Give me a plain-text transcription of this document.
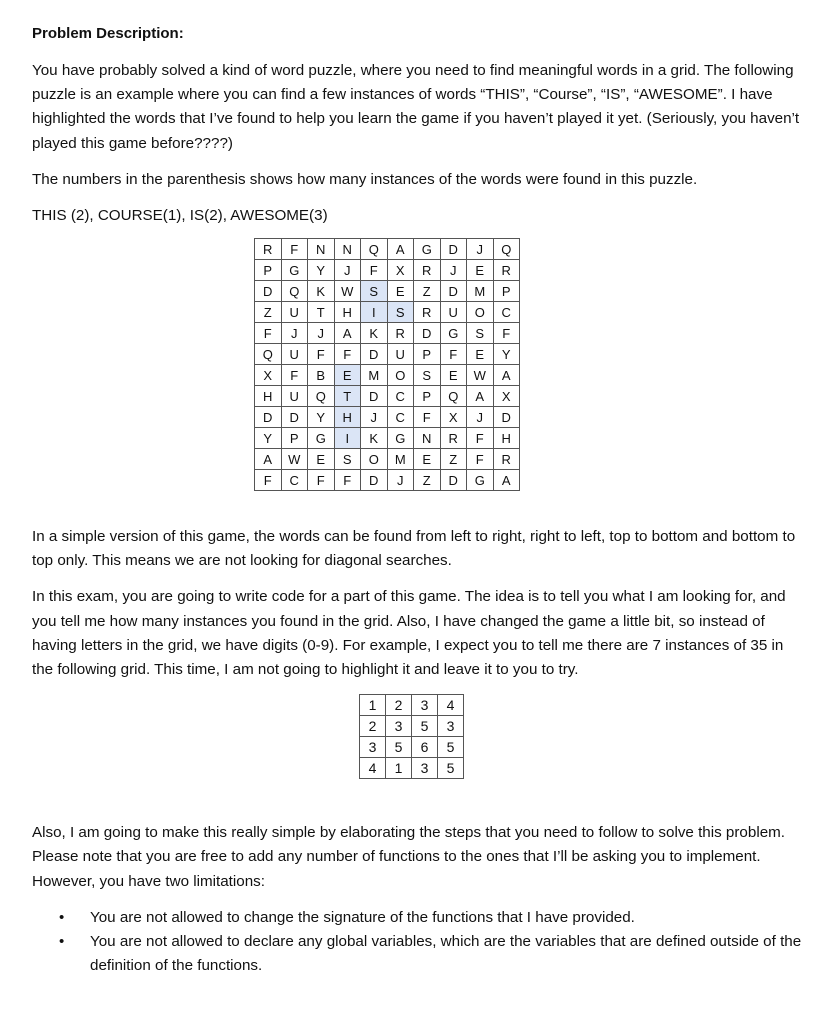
Problem Description:
You have probably solved a kind of word puzzle, where you need to find meaningful words in a grid. The following puzzle is an example where you can find a few instances of words “THIS”, “Course”, “IS”, “AWESOME”. I have highlighted the words that I’ve found to help you learn the game if you haven’t played it yet. (Seriously, you haven’t played this game before????)
The numbers in the parenthesis shows how many instances of the words were found in this puzzle.
THIS (2), COURSE(1), IS(2), AWESOME(3)
R	F	N	N	Q	A	G	D	J	Q
P	G	Y	J	F	X	R	J	E	R
D	Q	K	W	S	E	Z	D	M	P
Z	U	T	H	I	S	R	U	O	C
F	J	J	A	K	R	D	G	S	F
Q	U	F	F	D	U	P	F	E	Y
X	F	B	E	M	O	S	E	W	A
H	U	Q	T	D	C	P	Q	A	X
D	D	Y	H	J	C	F	X	J	D
Y	P	G	I	K	G	N	R	F	H
A	W	E	S	O	M	E	Z	F	R
F	C	F	F	D	J	Z	D	G	A
In a simple version of this game, the words can be found from left to right, right to left, top to bottom and bottom to top only. This means we are not looking for diagonal searches.
In this exam, you are going to write code for a part of this game. The idea is to tell you what I am looking for, and you tell me how many instances you found in the grid. Also, I have changed the game a little bit, so instead of having letters in the grid, we have digits (0-9). For example, I expect you to tell me there are 7 instances of 35 in the following grid. This time, I am not going to highlight it and leave it to you to try.
1	2	3	4
2	3	5	3
3	5	6	5
4	1	3	5
Also, I am going to make this really simple by elaborating the steps that you need to follow to solve this problem. Please note that you are free to add any number of functions to the ones that I’ll be asking you to implement. However, you have two limitations:
• You are not allowed to change the signature of the functions that I have provided.
• You are not allowed to declare any global variables, which are the variables that are defined outside of the definition of the functions.
